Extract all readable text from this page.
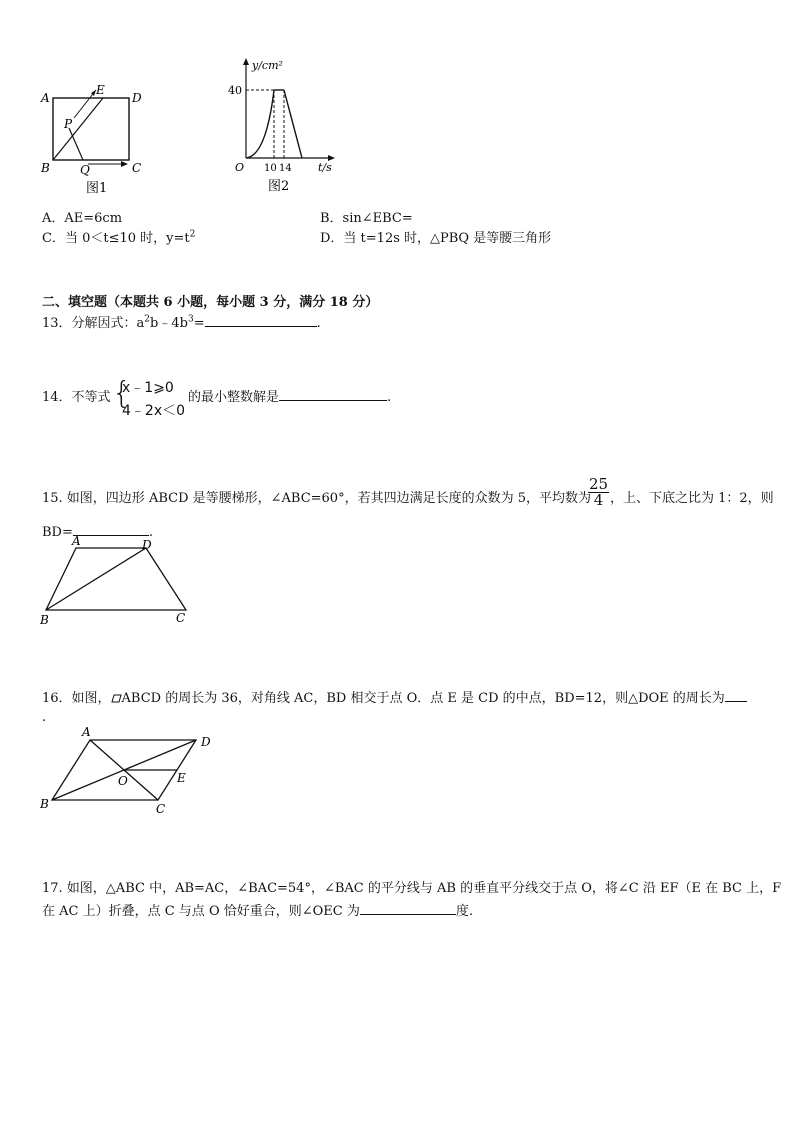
A
E
D
P
B	Q	C
图1
y/cm²
40
O 10 14 t/s
图2
A．AE=6cm	B．sin∠EBC=
C．当 0＜t≤10 时，$y=t^2$	D．当 t=12s 时，△PBQ 是等腰三角形
二、填空题（本题共 6 小题，每小题 3 分，满分 18 分）
13．分解因式：$a^2b﹣4b^3=$	.
14．不等式 {
x﹣1⩾0
4﹣2x＜0
的最小整数解是	.
15. 如图，四边形 ABCD 是等腰梯形，∠ABC=60°，若其四边满足长度的众数为 5，平均数为
$\frac{25}{4}$ ，上、下底之比为 1：2，则
BD=	.
A	D
B	C
16．如图， ABCD 的周长为 36，对角线 AC，BD 相交于点 O．点 E 是 CD 的中点，BD=12，则△DOE 的周长为
.
A
D
O	E
B	C
17. 如图，△ABC 中，AB=AC，∠BAC=54°，∠BAC 的平分线与 AB 的垂直平分线交于点 O，将∠C 沿 EF（E 在 BC 上，F
在 AC 上）折叠，点 C 与点 O 恰好重合，则∠OEC 为	度.
